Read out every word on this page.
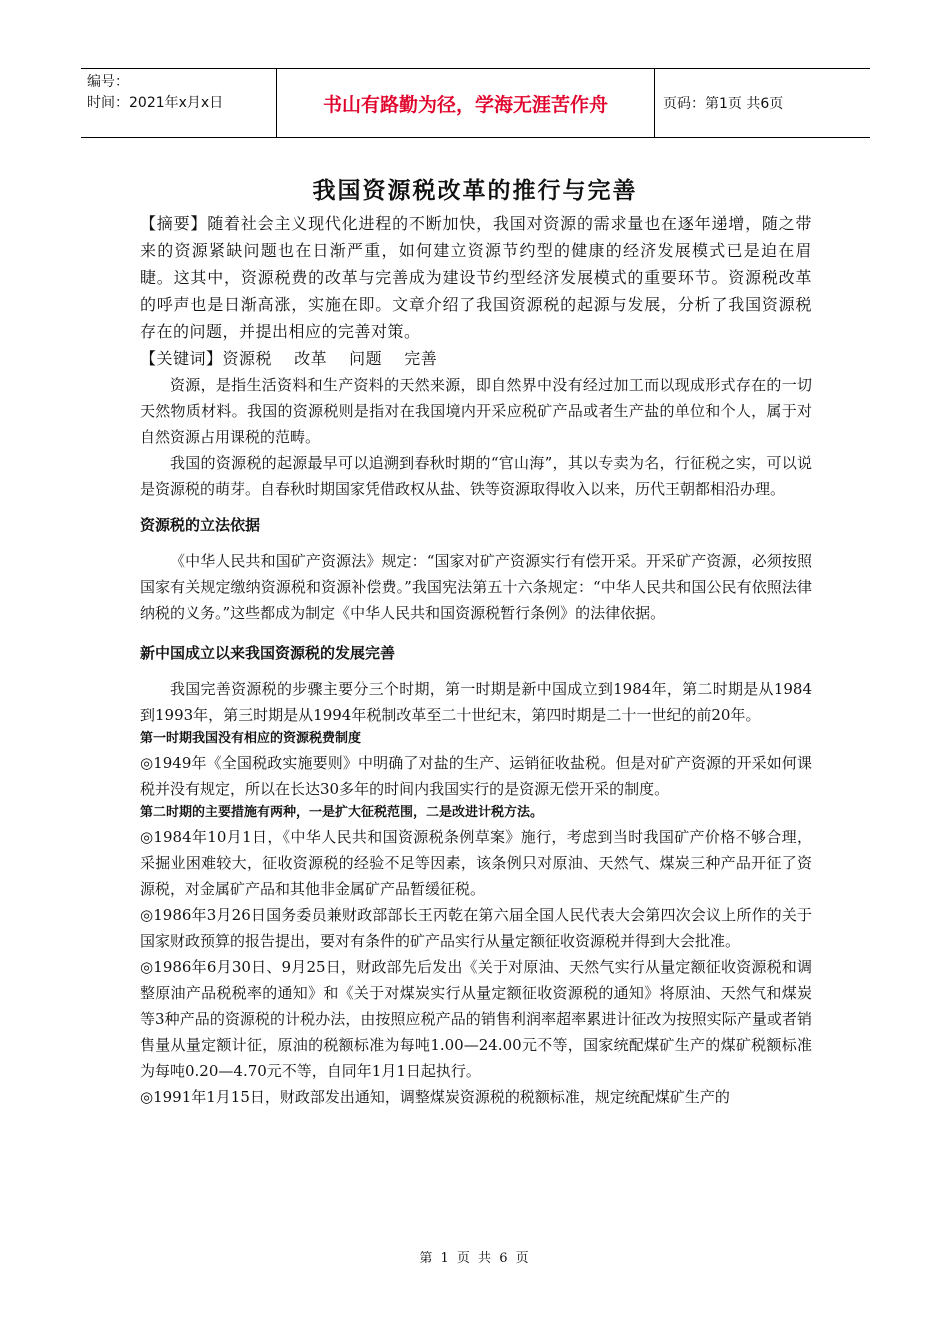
编号：
时间：2021年x月x日	书山有路勤为径，学海无涯苦作舟	页码：第1页 共6页
我国资源税改革的推行与完善

【摘要】随着社会主义现代化进程的不断加快，我国对资源的需求量也在逐年递增，随之带来的资源紧缺问题也在日渐严重，如何建立资源节约型的健康的经济发展模式已是迫在眉睫。这其中，资源税费的改革与完善成为建设节约型经济发展模式的重要环节。资源税改革的呼声也是日渐高涨，实施在即。文章介绍了我国资源税的起源与发展，分析了我国资源税存在的问题，并提出相应的完善对策。

【关键词】资源税　 改革　 问题　 完善

资源，是指生活资料和生产资料的天然来源，即自然界中没有经过加工而以现成形式存在的一切天然物质材料。我国的资源税则是指对在我国境内开采应税矿产品或者生产盐的单位和个人，属于对自然资源占用课税的范畴。

我国的资源税的起源最早可以追溯到春秋时期的“官山海”，其以专卖为名，行征税之实，可以说是资源税的萌芽。自春秋时期国家凭借政权从盐、铁等资源取得收入以来，历代王朝都相沿办理。

资源税的立法依据

《中华人民共和国矿产资源法》规定：“国家对矿产资源实行有偿开采。开采矿产资源，必须按照国家有关规定缴纳资源税和资源补偿费。”我国宪法第五十六条规定：“中华人民共和国公民有依照法律纳税的义务。”这些都成为制定《中华人民共和国资源税暂行条例》的法律依据。

新中国成立以来我国资源税的发展完善

我国完善资源税的步骤主要分三个时期，第一时期是新中国成立到1984年，第二时期是从1984到1993年，第三时期是从1994年税制改革至二十世纪末，第四时期是二十一世纪的前20年。

第一时期我国没有相应的资源税费制度

◎1949年《全国税政实施要则》中明确了对盐的生产、运销征收盐税。但是对矿产资源的开采如何课税并没有规定，所以在长达30多年的时间内我国实行的是资源无偿开采的制度。

第二时期的主要措施有两种，一是扩大征税范围，二是改进计税方法。

◎1984年10月1日，《中华人民共和国资源税条例草案》施行，考虑到当时我国矿产价格不够合理，采掘业困难较大，征收资源税的经验不足等因素，该条例只对原油、天然气、煤炭三种产品开征了资源税，对金属矿产品和其他非金属矿产品暂缓征税。

◎1986年3月26日国务委员兼财政部部长王丙乾在第六届全国人民代表大会第四次会议上所作的关于国家财政预算的报告提出，要对有条件的矿产品实行从量定额征收资源税并得到大会批准。

◎1986年6月30日、9月25日，财政部先后发出《关于对原油、天然气实行从量定额征收资源税和调整原油产品税税率的通知》和《关于对煤炭实行从量定额征收资源税的通知》将原油、天然气和煤炭等3种产品的资源税的计税办法，由按照应税产品的销售利润率超率累进计征改为按照实际产量或者销售量从量定额计征，原油的税额标准为每吨1.00—24.00元不等，国家统配煤矿生产的煤矿税额标准为每吨0.20—4.70元不等，自同年1月1日起执行。

◎1991年1月15日，财政部发出通知，调整煤炭资源税的税额标准，规定统配煤矿生产的

第 1 页 共 6 页
